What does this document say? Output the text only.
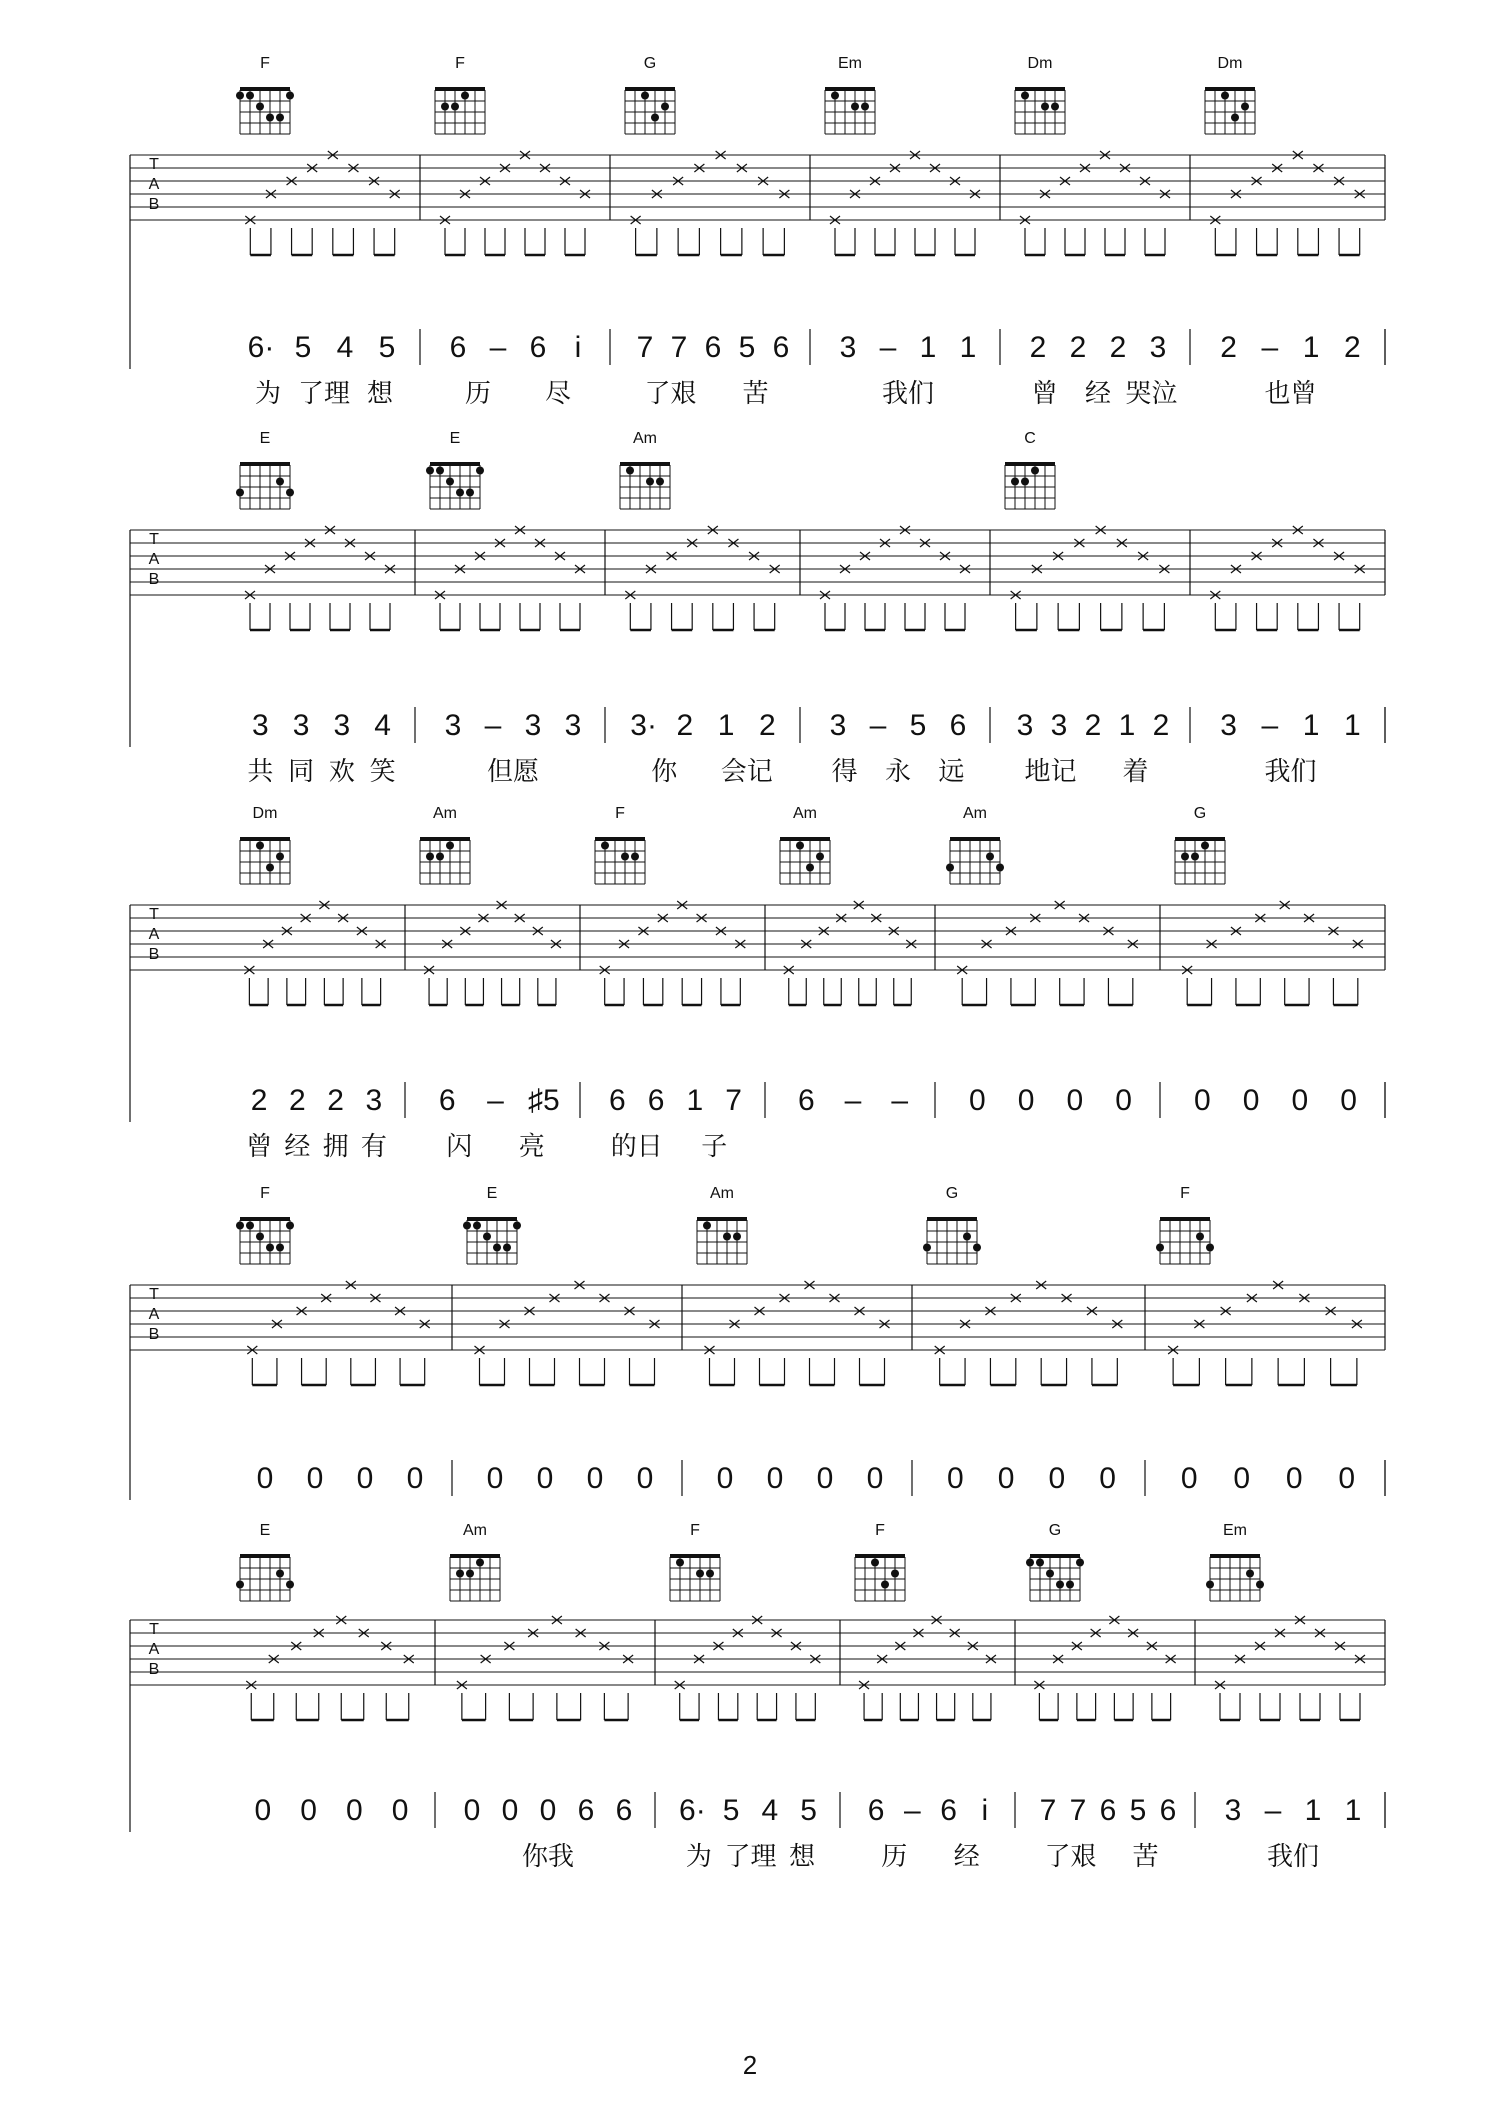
T
A
B
F
6· 5 4 5
为 了理 想
F
6 – 6 i
历 尽
G
7 7 6 5 6
了艰 苦
Em
3 – 1 1
我们
Dm
2 2 2 3
曾 经 哭泣
Dm
2 – 1 2
也曾
T
A
B
E
3 3 3 4
共 同 欢 笑
E
3 – 3 3
但愿
Am
3· 2 1 2
你 会记
3 – 5 6
得 永 远
C
3 3 2 1 2
地记 着
3 – 1 1
我们
T
A
B
Dm
2 2 2 3
曾 经 拥 有
Am
6 – ♯5
闪 亮
F
6 6 1 7
的日 子
Am
6 – –
Am
0 0 0 0
G
0 0 0 0
T
A
B
F
0 0 0 0
E
0 0 0 0
Am
0 0 0 0
G
0 0 0 0
F
0 0 0 0
T
A
B
E
0 0 0 0
Am
0 0 0 6 6
你我
F
6· 5 4 5
为 了理 想
F
6 – 6 i
历 经
G
7 7 6 5 6
了艰 苦
Em
3 – 1 1
我们
2
